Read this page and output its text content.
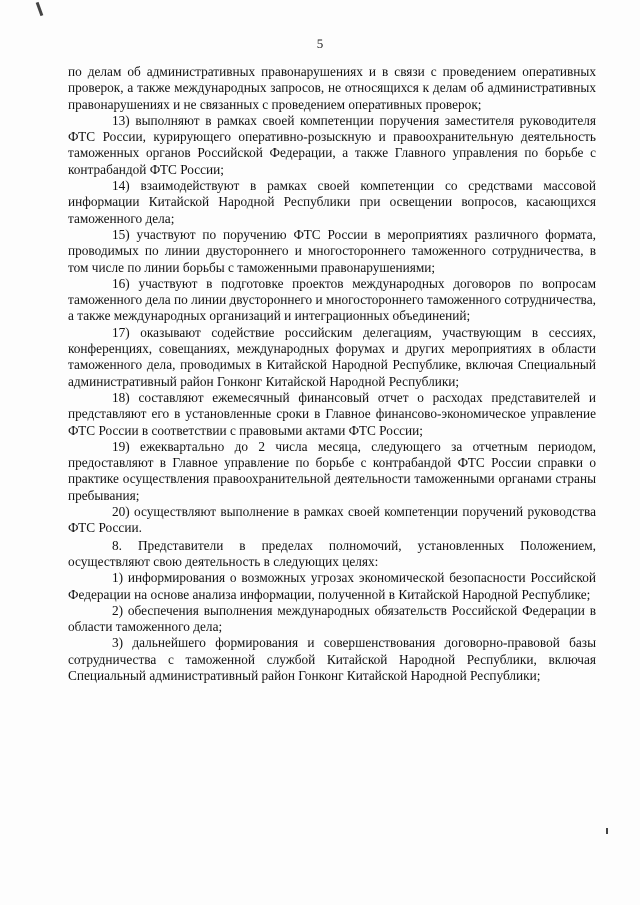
5

по делам об административных правонарушениях и в связи с проведением оперативных проверок, а также международных запросов, не относящихся к делам об административных правонарушениях и не связанных с проведением оперативных проверок;

13) выполняют в рамках своей компетенции поручения заместителя руководителя ФТС России, курирующего оперативно-розыскную и правоохранительную деятельность таможенных органов Российской Федерации, а также Главного управления по борьбе с контрабандой ФТС России;

14) взаимодействуют в рамках своей компетенции со средствами массовой информации Китайской Народной Республики при освещении вопросов, касающихся таможенного дела;

15) участвуют по поручению ФТС России в мероприятиях различного формата, проводимых по линии двустороннего и многостороннего таможенного сотрудничества, в том числе по линии борьбы с таможенными правонарушениями;

16) участвуют в подготовке проектов международных договоров по вопросам таможенного дела по линии двустороннего и многостороннего таможенного сотрудничества, а также международных организаций и интеграционных объединений;

17) оказывают содействие российским делегациям, участвующим в сессиях, конференциях, совещаниях, международных форумах и других мероприятиях в области таможенного дела, проводимых в Китайской Народной Республике, включая Специальный административный район Гонконг Китайской Народной Республики;

18) составляют ежемесячный финансовый отчет о расходах представителей и представляют его в установленные сроки в Главное финансово-экономическое управление ФТС России в соответствии с правовыми актами ФТС России;

19) ежеквартально до 2 числа месяца, следующего за отчетным периодом, предоставляют в Главное управление по борьбе с контрабандой ФТС России справки о практике осуществления правоохранительной деятельности таможенными органами страны пребывания;

20) осуществляют выполнение в рамках своей компетенции поручений руководства ФТС России.

8. Представители в пределах полномочий, установленных Положением, осуществляют свою деятельность в следующих целях:

1) информирования о возможных угрозах экономической безопасности Российской Федерации на основе анализа информации, полученной в Китайской Народной Республике;

2) обеспечения выполнения международных обязательств Российской Федерации в области таможенного дела;

3) дальнейшего формирования и совершенствования договорно-правовой базы сотрудничества с таможенной службой Китайской Народной Республики, включая Специальный административный район Гонконг Китайской Народной Республики;
